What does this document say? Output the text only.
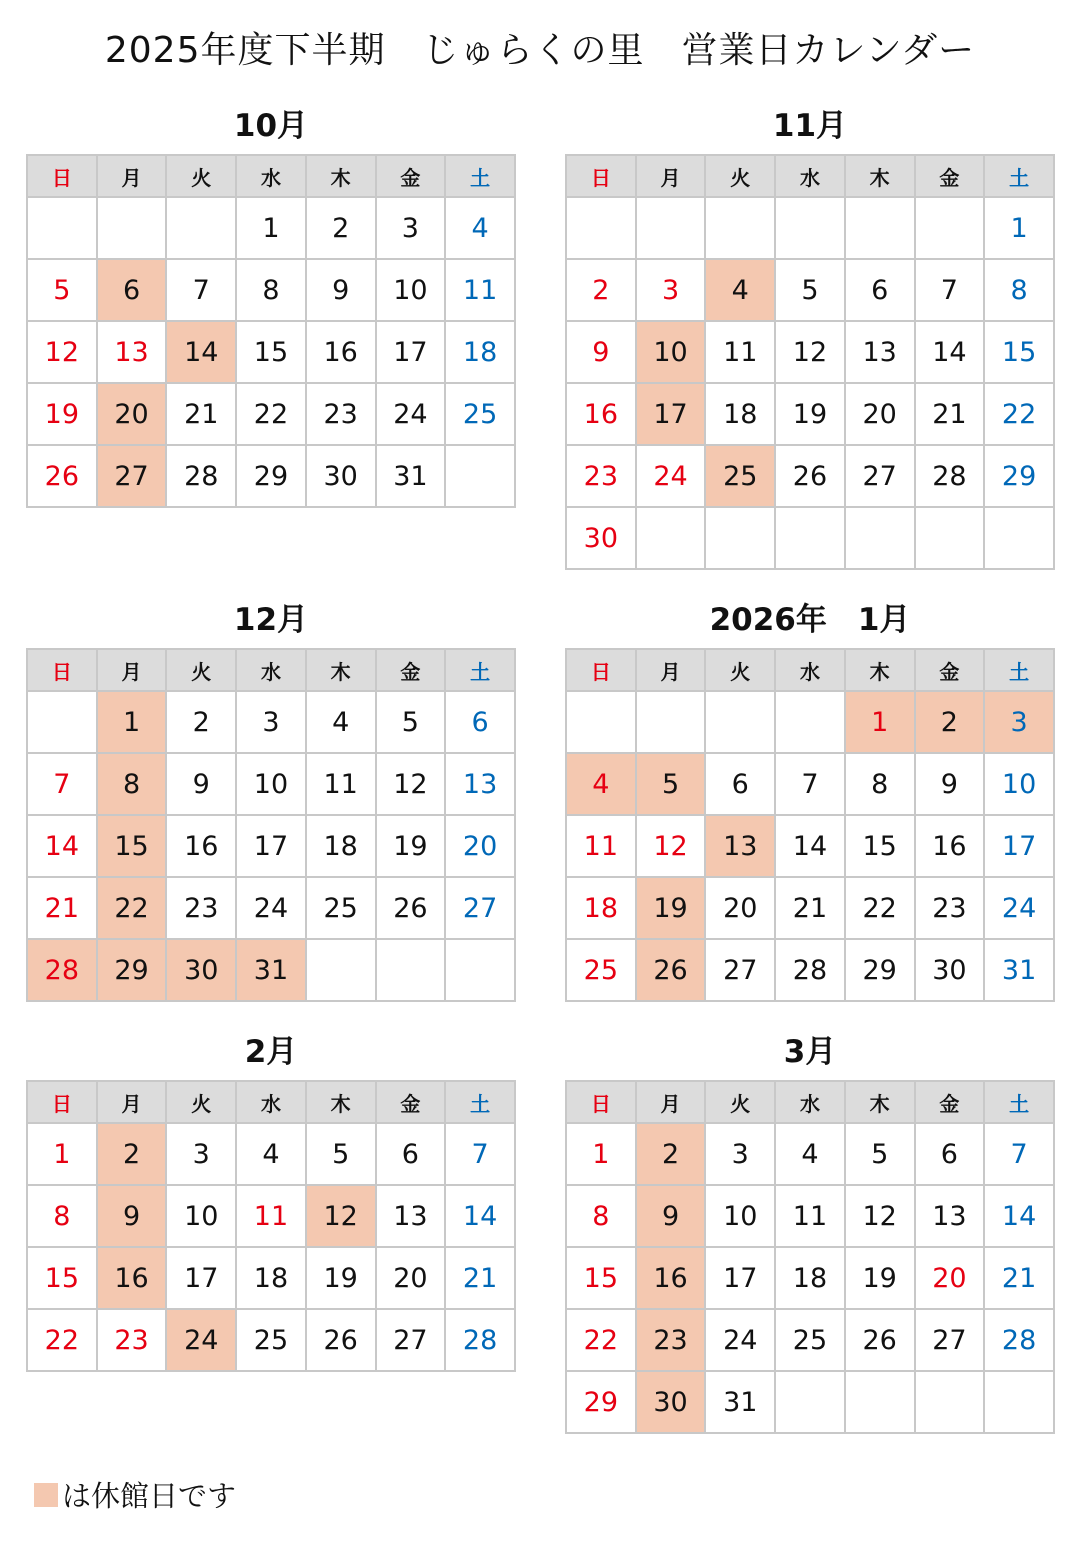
2025年度下半期　じゅらくの里　営業日カレンダー
10月
日	月	火	水	木	金	土
			1	2	3	4
5	6	7	8	9	10	11
12	13	14	15	16	17	18
19	20	21	22	23	24	25
26	27	28	29	30	31	
11月
日	月	火	水	木	金	土
						1
2	3	4	5	6	7	8
9	10	11	12	13	14	15
16	17	18	19	20	21	22
23	24	25	26	27	28	29
30						
12月
日	月	火	水	木	金	土
	1	2	3	4	5	6
7	8	9	10	11	12	13
14	15	16	17	18	19	20
21	22	23	24	25	26	27
28	29	30	31			
2026年　1月
日	月	火	水	木	金	土
				1	2	3
4	5	6	7	8	9	10
11	12	13	14	15	16	17
18	19	20	21	22	23	24
25	26	27	28	29	30	31
2月
日	月	火	水	木	金	土
1	2	3	4	5	6	7
8	9	10	11	12	13	14
15	16	17	18	19	20	21
22	23	24	25	26	27	28
3月
日	月	火	水	木	金	土
1	2	3	4	5	6	7
8	9	10	11	12	13	14
15	16	17	18	19	20	21
22	23	24	25	26	27	28
29	30	31				
は休館日です
